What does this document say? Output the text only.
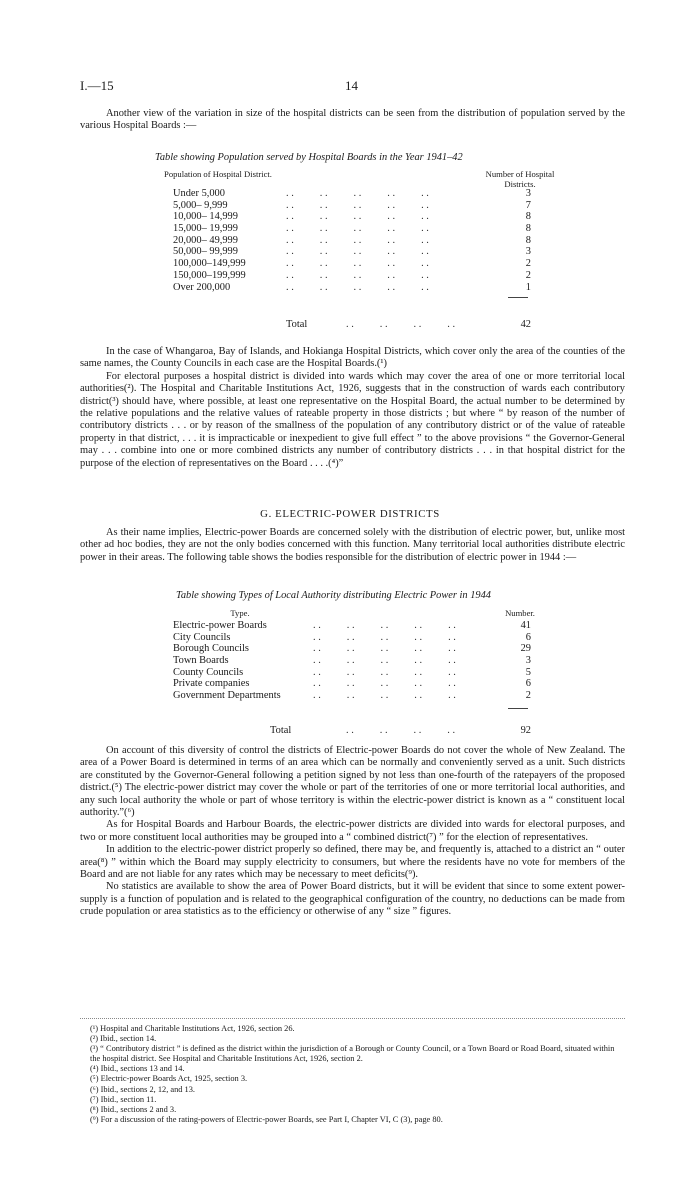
I.—15	14

Another view of the variation in size of the hospital districts can be seen from the distribution of population served by the various Hospital Boards :—

Table showing Population served by Hospital Boards in the Year 1941–42
Population of Hospital District.	Number of Hospital Districts.
Under 5,000	. .          . .          . .          . .          . .	3
5,000– 9,999	. .          . .          . .          . .          . .	7
10,000– 14,999	. .          . .          . .          . .          . .	8
15,000– 19,999	. .          . .          . .          . .          . .	8
20,000– 49,999	. .          . .          . .          . .          . .	8
50,000– 99,999	. .          . .          . .          . .          . .	3
100,000–149,999	. .          . .          . .          . .          . .	2
150,000–199,999	. .          . .          . .          . .          . .	2
Over 200,000	. .          . .          . .          . .          . .	1
Total	. .          . .          . .          . .	42

In the case of Whangaroa, Bay of Islands, and Hokianga Hospital Districts, which cover only the area of the counties of the same names, the County Councils in each case are the Hospital Boards.(¹)

For electoral purposes a hospital district is divided into wards which may cover the area of one or more territorial local authorities(²). The Hospital and Charitable Institutions Act, 1926, suggests that in the construction of wards each contributory district(³) should have, where possible, at least one representative on the Hospital Board, the actual number to be determined by the relative populations and the relative values of rateable property in those districts ; but where “ by reason of the number of contributory districts . . . or by reason of the smallness of the population of any contributory district or of the value of rateable property in that district, . . . it is impracticable or inexpedient to give full effect ” to the above provisions “ the Governor-General may . . . combine into one or more combined districts any number of contributory districts . . . in that hospital district for the purpose of the election of representatives on the Board . . . .(⁴)”

G. ELECTRIC-POWER DISTRICTS

As their name implies, Electric-power Boards are concerned solely with the distribution of electric power, but, unlike most other ad hoc bodies, they are not the only bodies concerned with this function. Many territorial local authorities distribute electric power in their areas. The following table shows the bodies responsible for the distribution of electric power in 1944 :—

Table showing Types of Local Authority distributing Electric Power in 1944
Type.	Number.
Electric-power Boards	. .          . .          . .          . .          . .	41
City Councils	. .          . .          . .          . .          . .	6
Borough Councils	. .          . .          . .          . .          . .	29
Town Boards	. .          . .          . .          . .          . .	3
County Councils	. .          . .          . .          . .          . .	5
Private companies	. .          . .          . .          . .          . .	6
Government Departments	. .          . .          . .          . .          . .	2
Total	. .          . .          . .          . .	92

On account of this diversity of control the districts of Electric-power Boards do not cover the whole of New Zealand. The area of a Power Board is determined in terms of an area which can be normally and conveniently served as a unit. Such districts are constituted by the Governor-General following a petition signed by not less than one-fourth of the ratepayers of the proposed district.(⁵) The electric-power district may cover the whole or part of the territories of one or more territorial local authorities, and any such local authority the whole or part of whose territory is within the electric-power district is known as a “ constituent local authority.”(⁶)

As for Hospital Boards and Harbour Boards, the electric-power districts are divided into wards for electoral purposes, and two or more constituent local authorities may be grouped into a “ combined district(⁷) ” for the election of representatives.

In addition to the electric-power district properly so defined, there may be, and frequently is, attached to a district an “ outer area(⁸) ” within which the Board may supply electricity to consumers, but where the residents have no vote for members of the Board and are not liable for any rates which may be necessary to meet deficits(⁹).

No statistics are available to show the area of Power Board districts, but it will be evident that since to some extent power-supply is a function of population and is related to the geographical configuration of the country, no deductions can be made from crude population or area statistics as to the efficiency or otherwise of any “ size ” figures.

(¹) Hospital and Charitable Institutions Act, 1926, section 26.
(²) Ibid., section 14.
(³) “ Contributory district ” is defined as the district within the jurisdiction of a Borough or County Council, or a Town Board or Road Board, situated within the hospital district. See Hospital and Charitable Institutions Act, 1926, section 2.
(⁴) Ibid., sections 13 and 14.
(⁵) Electric-power Boards Act, 1925, section 3.
(⁶) Ibid., sections 2, 12, and 13.
(⁷) Ibid., section 11.
(⁸) Ibid., sections 2 and 3.
(⁹) For a discussion of the rating-powers of Electric-power Boards, see Part I, Chapter VI, C (3), page 80.
